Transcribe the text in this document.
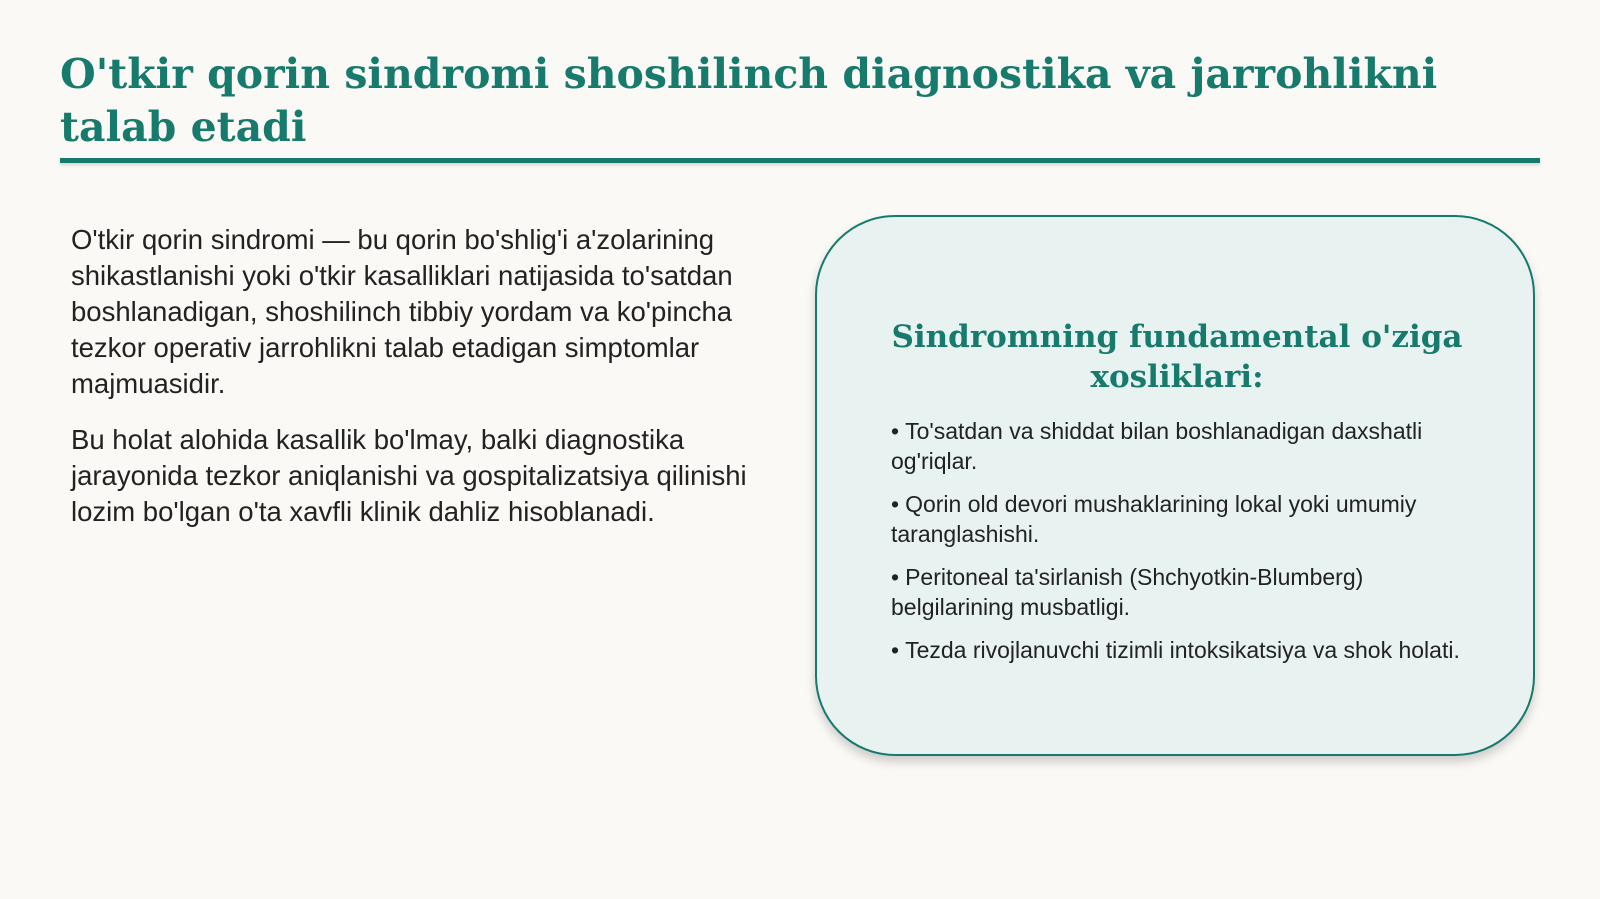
O'tkir qorin sindromi shoshilinch diagnostika va jarrohlikni talab etadi

O'tkir qorin sindromi — bu qorin bo'shlig'i a'zolarining shikastlanishi yoki o'tkir kasalliklari natijasida to'satdan boshlanadigan, shoshilinch tibbiy yordam va ko'pincha tezkor operativ jarrohlikni talab etadigan simptomlar majmuasidir.

Bu holat alohida kasallik bo'lmay, balki diagnostika jarayonida tezkor aniqlanishi va gospitalizatsiya qilinishi lozim bo'lgan o'ta xavfli klinik dahliz hisoblanadi.

Sindromning fundamental o'ziga xosliklari:
• To'satdan va shiddat bilan boshlanadigan daxshatli og'riqlar.
• Qorin old devori mushaklarining lokal yoki umumiy taranglashishi.
• Peritoneal ta'sirlanish (Shchyotkin-Blumberg) belgilarining musbatligi.
• Tezda rivojlanuvchi tizimli intoksikatsiya va shok holati.
